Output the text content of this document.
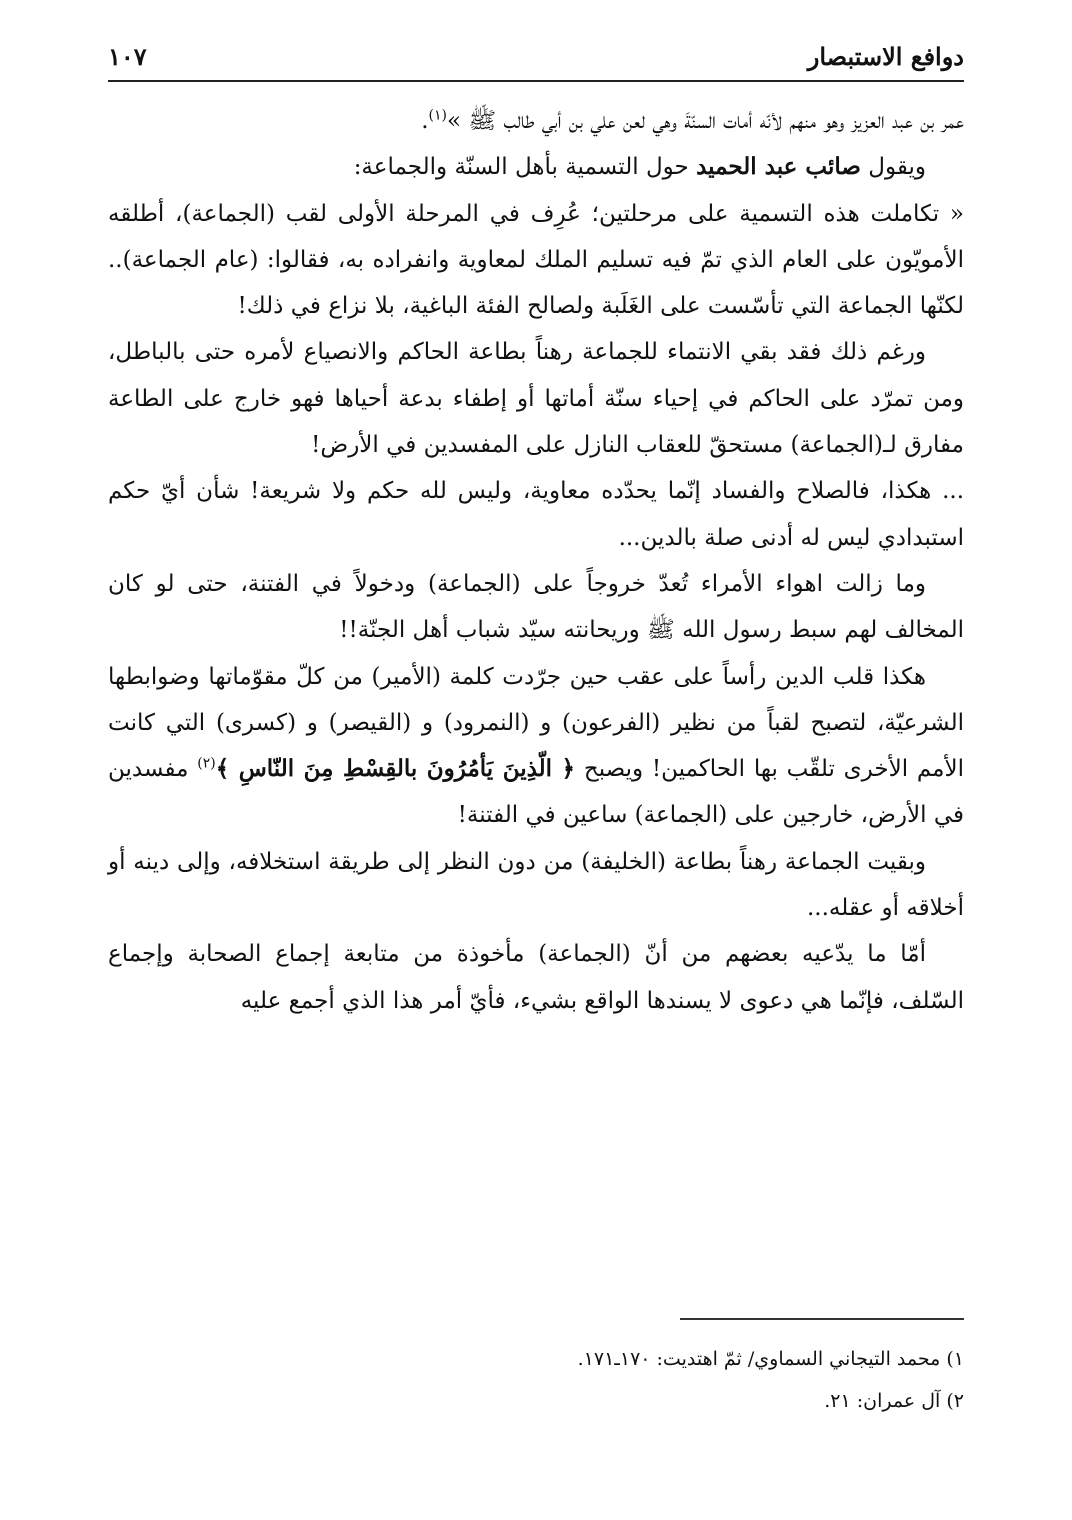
دوافع الاستبصار
١٠٧

عمر بن عبد العزيز وهو منهم لأنّه أمات السنّةَ وهي لعن علي بن أبي طالب ﷺ »$^{(١)}$.

ويقول صائب عبد الحميد حول التسمية بأهل السنّة والجماعة:

« تكاملت هذه التسمية على مرحلتين؛ عُرِف في المرحلة الأولى لقب (الجماعة)، أطلقه الأمويّون على العام الذي تمّ فيه تسليم الملك لمعاوية وانفراده به، فقالوا: (عام الجماعة).. لكنّها الجماعة التي تأسّست على الغَلَبة ولصالح الفئة الباغية، بلا نزاع في ذلك!

ورغم ذلك فقد بقي الانتماء للجماعة رهناً بطاعة الحاكم والانصياع لأمره حتى بالباطل، ومن تمرّد على الحاكم في إحياء سنّة أماتها أو إطفاء بدعة أحياها فهو خارج على الطاعة مفارق لـ(الجماعة) مستحقّ للعقاب النازل على المفسدين في الأرض!

... هكذا، فالصلاح والفساد إنّما يحدّده معاوية، وليس لله حكم ولا شريعة! شأن أيّ حكم استبدادي ليس له أدنى صلة بالدين...

وما زالت اهواء الأمراء تُعدّ خروجاً على (الجماعة) ودخولاً في الفتنة، حتى لو كان المخالف لهم سبط رسول الله ﷺ وريحانته سيّد شباب أهل الجنّة!!

هكذا قلب الدين رأساً على عقب حين جرّدت كلمة (الأمير) من كلّ مقوّماتها وضوابطها الشرعيّة، لتصبح لقباً من نظير (الفرعون) و (النمرود) و (القيصر) و (كسرى) التي كانت الأمم الأخرى تلقّب بها الحاكمين! ويصبح ﴿ الّذِينَ يَأمُرُونَ بالقِسْطِ مِنَ النّاسِ ﴾$^{(٢)}$ مفسدين في الأرض، خارجين على (الجماعة) ساعين في الفتنة!

وبقيت الجماعة رهناً بطاعة (الخليفة) من دون النظر إلى طريقة استخلافه، وإلى دينه أو أخلاقه أو عقله...

أمّا ما يدّعيه بعضهم من أنّ (الجماعة) مأخوذة من متابعة إجماع الصحابة وإجماع السّلف، فإنّما هي دعوى لا يسندها الواقع بشيء، فأيّ أمر هذا الذي أجمع عليه

١) محمد التيجاني السماوي/ ثمّ اهتديت: ١٧٠ـ١٧١.
٢) آل عمران: ٢١.
